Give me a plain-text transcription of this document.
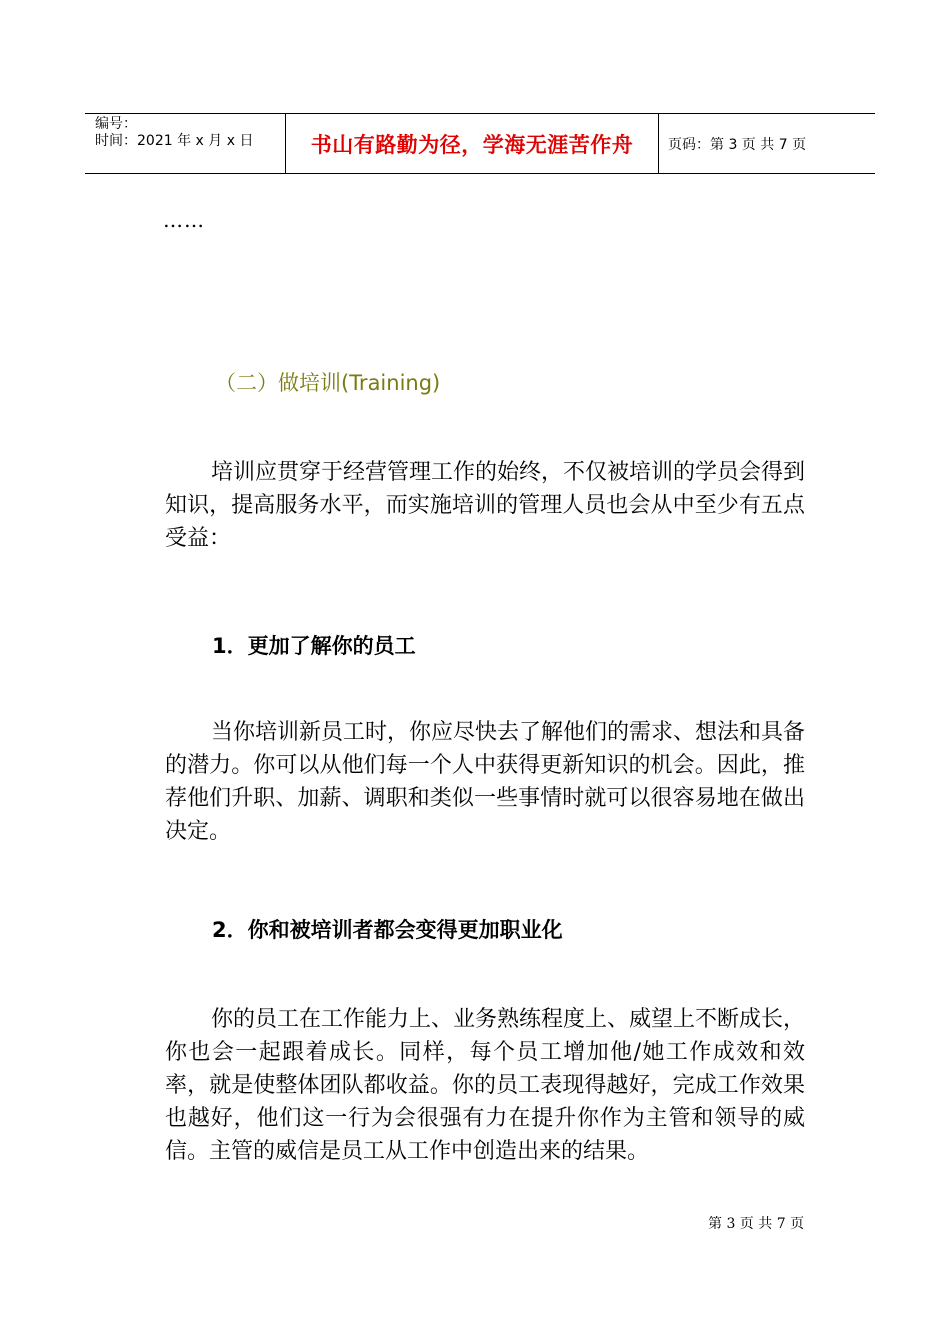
编号：
时间：2021 年 x 月 x 日	书山有路勤为径，学海无涯苦作舟	页码：第 3 页 共 7 页
……
（二）做培训(Training)

培训应贯穿于经营管理工作的始终，不仅被培训的学员会得到知识，提高服务水平，而实施培训的管理人员也会从中至少有五点受益：

1．更加了解你的员工

当你培训新员工时，你应尽快去了解他们的需求、想法和具备的潜力。你可以从他们每一个人中获得更新知识的机会。因此，推荐他们升职、加薪、调职和类似一些事情时就可以很容易地在做出决定。

2．你和被培训者都会变得更加职业化

你的员工在工作能力上、业务熟练程度上、威望上不断成长，你也会一起跟着成长。同样，每个员工增加他/她工作成效和效率，就是使整体团队都收益。你的员工表现得越好，完成工作效果也越好，他们这一行为会很强有力在提升你作为主管和领导的威信。主管的威信是员工从工作中创造出来的结果。

第 3 页 共 7 页
